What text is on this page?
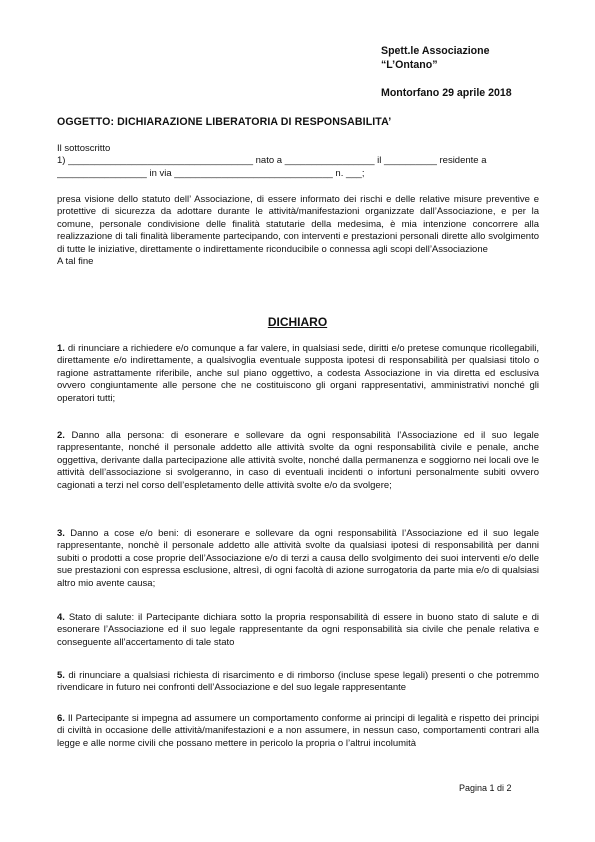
Spett.le Associazione
“L’Ontano”
Montorfano 29 aprile 2018
OGGETTO: DICHIARAZIONE LIBERATORIA DI RESPONSABILITA’
Il sottoscritto
1) ___________________________________ nato a _________________ il __________ residente a
_________________ in via ______________________________ n. ___;
presa visione dello statuto dell’ Associazione, di essere informato dei rischi e delle relative misure preventive e protettive di sicurezza da adottare durante le attività/manifestazioni organizzate dall’Associazione, e per la comune, personale condivisione delle finalità statutarie della medesima, è mia intenzione concorrere alla realizzazione di tali finalità liberamente partecipando, con interventi e prestazioni personali dirette allo svolgimento di tutte le iniziative, direttamente o indirettamente riconducibile o connessa agli scopi dell’Associazione
A tal fine
DICHIARO
1. di rinunciare a richiedere e/o comunque a far valere, in qualsiasi sede, diritti e/o pretese comunque ricollegabili, direttamente e/o indirettamente, a qualsivoglia eventuale supposta ipotesi di responsabilità per qualsiasi titolo o ragione astrattamente riferibile, anche sul piano oggettivo, a codesta Associazione in via diretta ed esclusiva ovvero congiuntamente alle persone che ne costituiscono gli organi rappresentativi, amministrativi nonché gli operatori tutti;
2. Danno alla persona: di esonerare e sollevare da ogni responsabilità l’Associazione ed il suo legale rappresentante, nonché il personale addetto alle attività svolte da ogni responsabilità civile e penale, anche oggettiva, derivante dalla partecipazione alle attività svolte, nonché dalla permanenza e soggiorno nei locali ove le attività dell’associazione si svolgeranno, in caso di eventuali incidenti o infortuni personalmente subiti ovvero cagionati a terzi nel corso dell’espletamento delle attività svolte e/o da svolgere;
3. Danno a cose e/o beni: di esonerare e sollevare da ogni responsabilità l’Associazione ed il suo legale rappresentante, nonchè il personale addetto alle attività svolte da qualsiasi ipotesi di responsabilità per danni subiti o prodotti a cose proprie dell’Associazione e/o di terzi a causa dello svolgimento dei suoi interventi e/o delle sue prestazioni con espressa esclusione, altresì, di ogni facoltà di azione surrogatoria da parte mia e/o di qualsiasi altro mio avente causa;
4. Stato di salute: il Partecipante dichiara sotto la propria responsabilità di essere in buono stato di salute e di esonerare l’Associazione ed il suo legale rappresentante da ogni responsabilità sia civile che penale relativa e conseguente all’accertamento di tale stato
5. di rinunciare a qualsiasi richiesta di risarcimento e di rimborso (incluse spese legali) presenti o che potremmo rivendicare in futuro nei confronti dell’Associazione e del suo legale rappresentante
6. Il Partecipante si impegna ad assumere un comportamento conforme ai principi di legalità e rispetto dei principi di civiltà in occasione delle attività/manifestazioni e a non assumere, in nessun caso, comportamenti contrari alla legge e alle norme civili che possano mettere in pericolo la propria o l’altrui incolumità
Pagina 1 di 2
